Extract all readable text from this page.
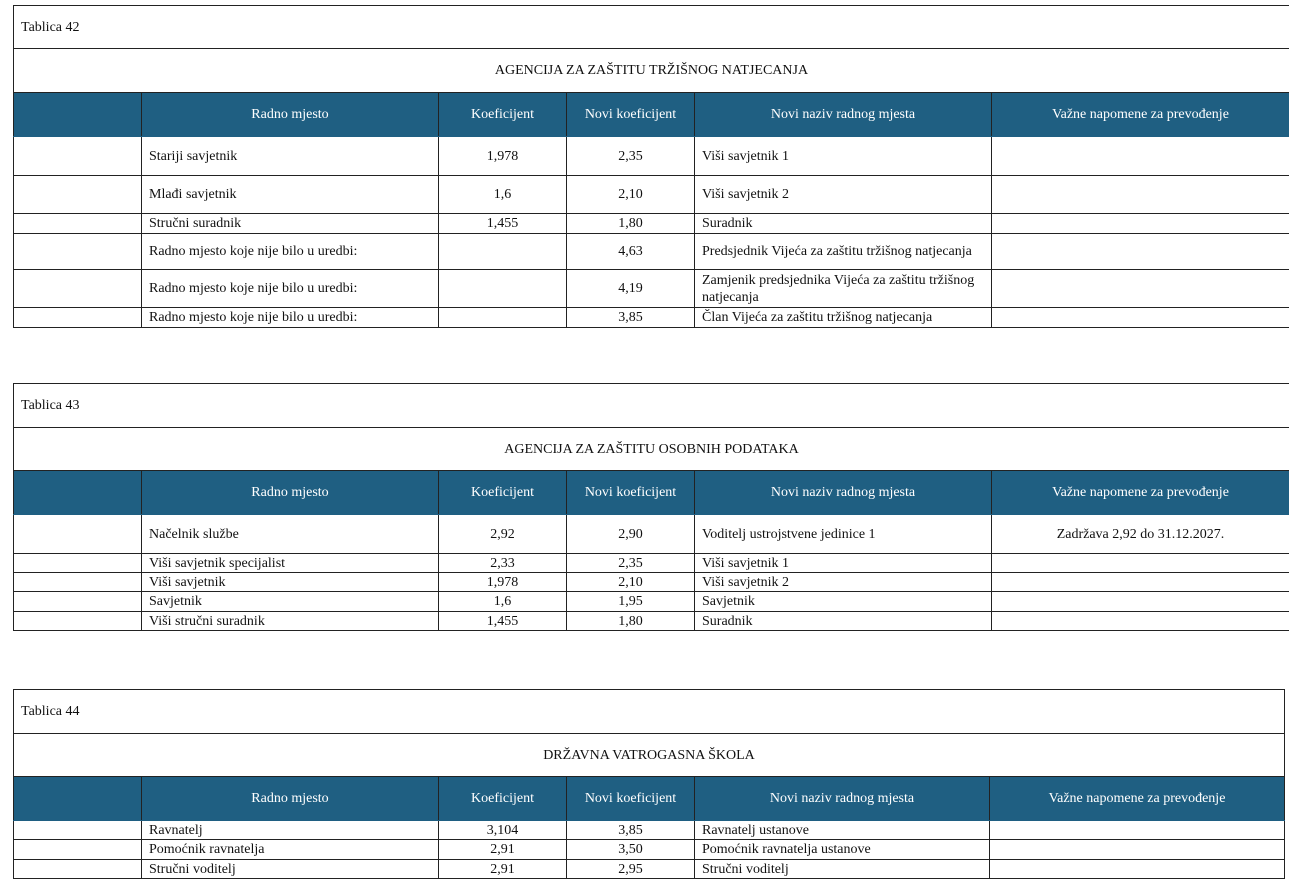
Tablica 42					
AGENCIJA ZA ZAŠTITU TRŽIŠNOG NATJECANJA					
	Radno mjesto	Koeficijent	Novi koeficijent	Novi naziv radnog mjesta	Važne napomene za prevođenje
	Stariji savjetnik	1,978	2,35	Viši savjetnik 1	
	Mlađi savjetnik	1,6	2,10	Viši savjetnik 2	
	Stručni suradnik	1,455	1,80	Suradnik	
	Radno mjesto koje nije bilo u uredbi:		4,63	Predsjednik Vijeća za zaštitu tržišnog natjecanja	
	Radno mjesto koje nije bilo u uredbi:		4,19	Zamjenik predsjednika Vijeća za zaštitu tržišnog natjecanja	
	Radno mjesto koje nije bilo u uredbi:		3,85	Član Vijeća za zaštitu tržišnog natjecanja	
Tablica 43					
AGENCIJA ZA ZAŠTITU OSOBNIH PODATAKA					
	Radno mjesto	Koeficijent	Novi koeficijent	Novi naziv radnog mjesta	Važne napomene za prevođenje
	Načelnik službe	2,92	2,90	Voditelj ustrojstvene jedinice 1	Zadržava 2,92 do 31.12.2027.
	Viši savjetnik specijalist	2,33	2,35	Viši savjetnik 1	
	Viši savjetnik	1,978	2,10	Viši savjetnik 2	
	Savjetnik	1,6	1,95	Savjetnik	
	Viši stručni suradnik	1,455	1,80	Suradnik	
Tablica 44					
DRŽAVNA VATROGASNA ŠKOLA					
	Radno mjesto	Koeficijent	Novi koeficijent	Novi naziv radnog mjesta	Važne napomene za prevođenje
	Ravnatelj	3,104	3,85	Ravnatelj ustanove	
	Pomoćnik ravnatelja	2,91	3,50	Pomoćnik ravnatelja ustanove	
	Stručni voditelj	2,91	2,95	Stručni voditelj	
